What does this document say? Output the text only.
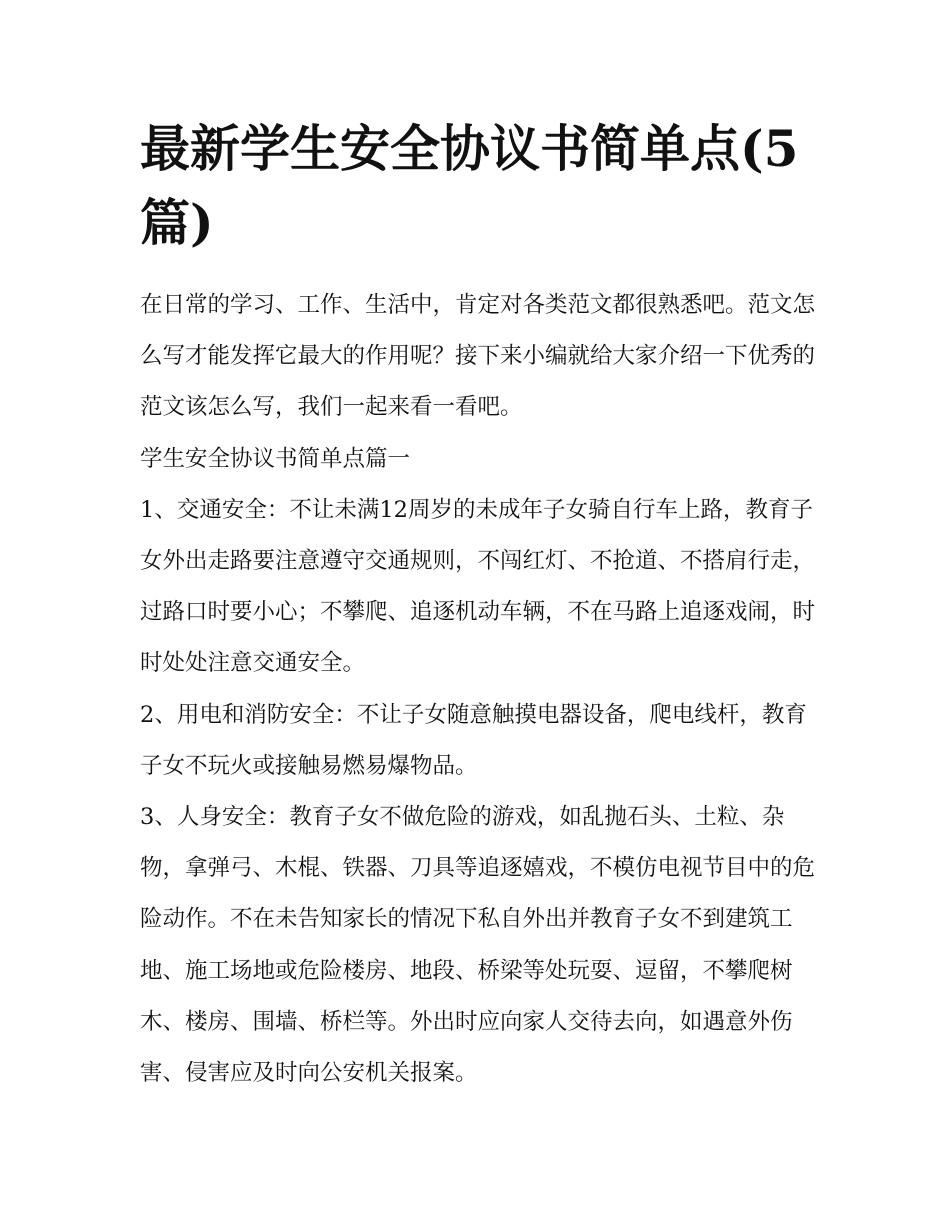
最新学生安全协议书简单点(5篇)

在日常的学习、工作、生活中，肯定对各类范文都很熟悉吧。范文怎么写才能发挥它最大的作用呢？接下来小编就给大家介绍一下优秀的范文该怎么写，我们一起来看一看吧。

学生安全协议书简单点篇一

1、交通安全：不让未满12周岁的未成年子女骑自行车上路，教育子女外出走路要注意遵守交通规则，不闯红灯、不抢道、不搭肩行走，过路口时要小心；不攀爬、追逐机动车辆，不在马路上追逐戏闹，时时处处注意交通安全。

2、用电和消防安全：不让子女随意触摸电器设备，爬电线杆，教育子女不玩火或接触易燃易爆物品。

3、人身安全：教育子女不做危险的游戏，如乱抛石头、土粒、杂物，拿弹弓、木棍、铁器、刀具等追逐嬉戏，不模仿电视节目中的危险动作。不在未告知家长的情况下私自外出并教育子女不到建筑工地、施工场地或危险楼房、地段、桥梁等处玩耍、逗留，不攀爬树木、楼房、围墙、桥栏等。外出时应向家人交待去向，如遇意外伤害、侵害应及时向公安机关报案。
